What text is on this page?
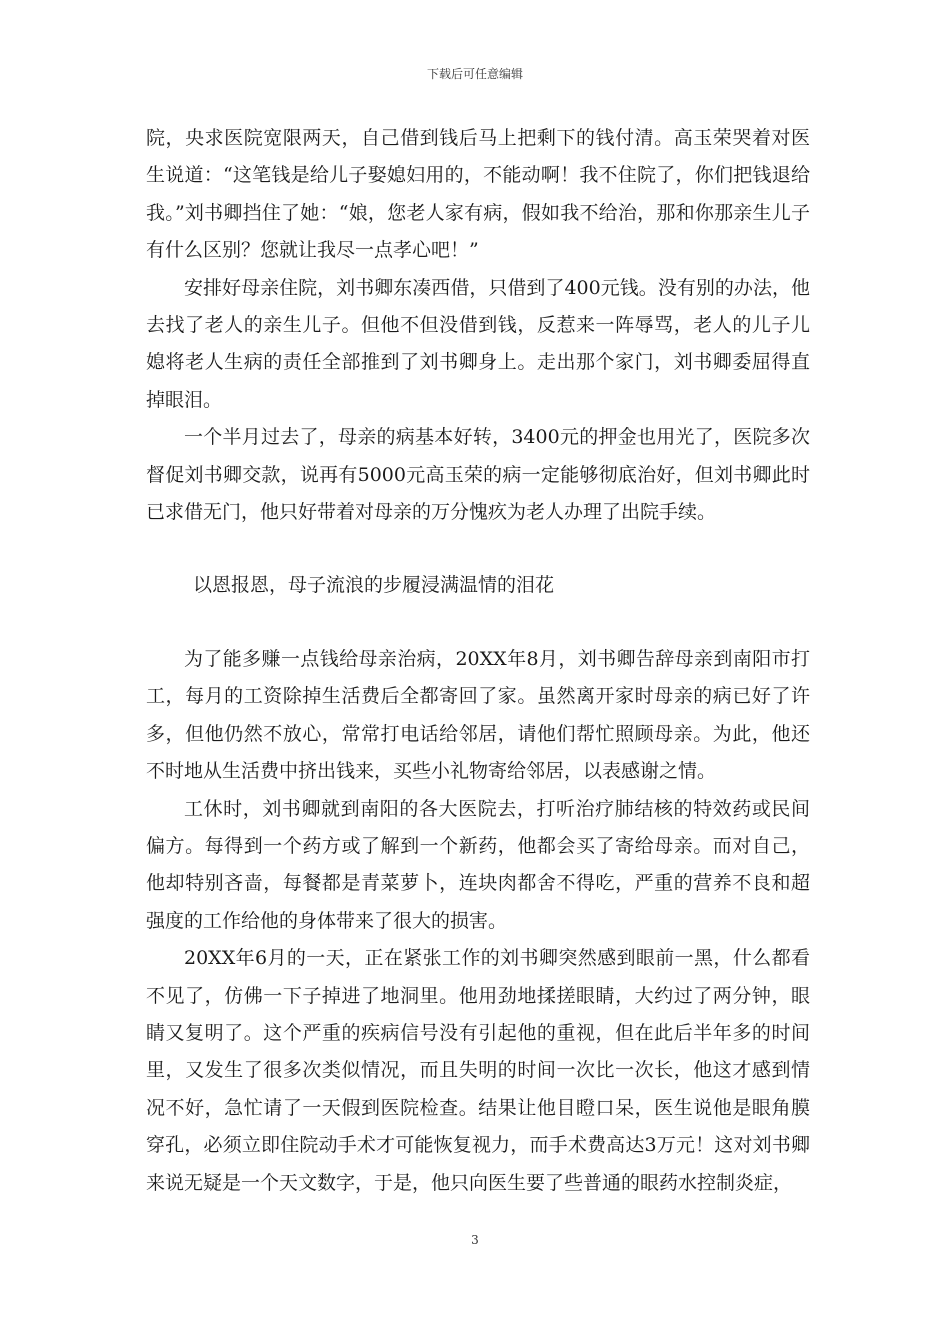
下载后可任意编辑

院，央求医院宽限两天，自己借到钱后马上把剩下的钱付清。高玉荣哭着对医生说道：“这笔钱是给儿子娶媳妇用的，不能动啊！我不住院了，你们把钱退给我。”刘书卿挡住了她：“娘，您老人家有病，假如我不给治，那和你那亲生儿子有什么区别？您就让我尽一点孝心吧！”

安排好母亲住院，刘书卿东凑西借，只借到了400元钱。没有别的办法，他去找了老人的亲生儿子。但他不但没借到钱，反惹来一阵辱骂，老人的儿子儿媳将老人生病的责任全部推到了刘书卿身上。走出那个家门，刘书卿委屈得直掉眼泪。

一个半月过去了，母亲的病基本好转，3400元的押金也用光了，医院多次督促刘书卿交款，说再有5000元高玉荣的病一定能够彻底治好，但刘书卿此时已求借无门，他只好带着对母亲的万分愧疚为老人办理了出院手续。

以恩报恩，母子流浪的步履浸满温情的泪花

为了能多赚一点钱给母亲治病，20XX年8月，刘书卿告辞母亲到南阳市打工，每月的工资除掉生活费后全都寄回了家。虽然离开家时母亲的病已好了许多，但他仍然不放心，常常打电话给邻居，请他们帮忙照顾母亲。为此，他还不时地从生活费中挤出钱来，买些小礼物寄给邻居，以表感谢之情。

工休时，刘书卿就到南阳的各大医院去，打听治疗肺结核的特效药或民间偏方。每得到一个药方或了解到一个新药，他都会买了寄给母亲。而对自己，他却特别吝啬，每餐都是青菜萝卜，连块肉都舍不得吃，严重的营养不良和超强度的工作给他的身体带来了很大的损害。

20XX年6月的一天，正在紧张工作的刘书卿突然感到眼前一黑，什么都看不见了，仿佛一下子掉进了地洞里。他用劲地揉搓眼睛，大约过了两分钟，眼睛又复明了。这个严重的疾病信号没有引起他的重视，但在此后半年多的时间里，又发生了很多次类似情况，而且失明的时间一次比一次长，他这才感到情况不好，急忙请了一天假到医院检查。结果让他目瞪口呆，医生说他是眼角膜穿孔，必须立即住院动手术才可能恢复视力，而手术费高达3万元！这对刘书卿来说无疑是一个天文数字，于是，他只向医生要了些普通的眼药水控制炎症，

3
